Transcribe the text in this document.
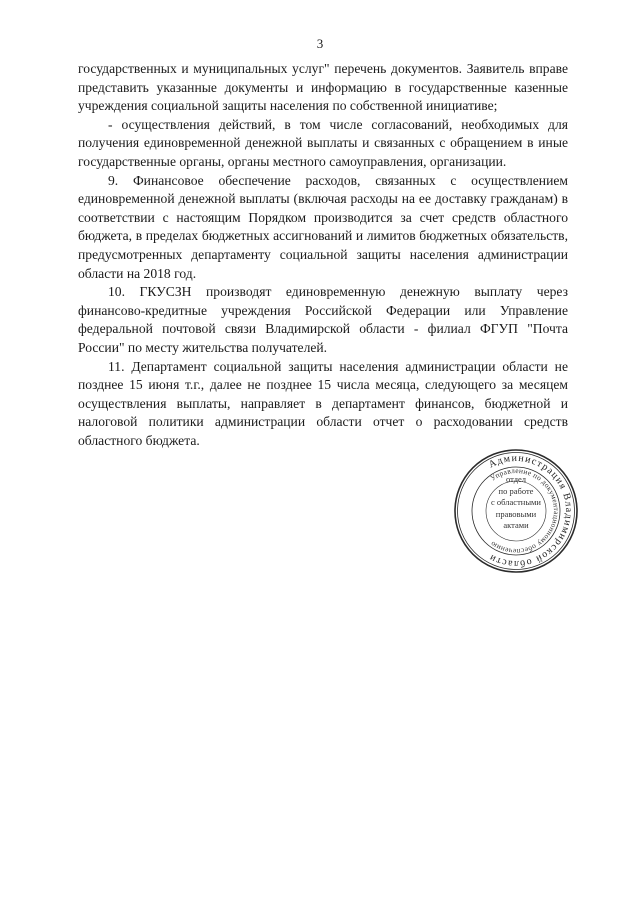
3

государственных и муниципальных услуг" перечень документов. Заявитель вправе представить указанные документы и информацию в государственные казенные учреждения социальной защиты населения по собственной инициативе;

- осуществления действий, в том числе согласований, необходимых для получения единовременной денежной выплаты и связанных с обращением в иные государственные органы, органы местного самоуправления, организации.

9. Финансовое обеспечение расходов, связанных с осуществлением единовременной денежной выплаты (включая расходы на ее доставку гражданам) в соответствии с настоящим Порядком производится за счет средств областного бюджета, в пределах бюджетных ассигнований и лимитов бюджетных обязательств, предусмотренных департаменту социальной защиты населения администрации области на 2018 год.

10. ГКУСЗН производят единовременную денежную выплату через финансово-кредитные учреждения Российской Федерации или Управление федеральной почтовой связи Владимирской области - филиал ФГУП "Почта России" по месту жительства получателей.

11. Департамент социальной защиты населения администрации области не позднее 15 июня т.г., далее не позднее 15 числа месяца, следующего за месяцем осуществления выплаты, направляет в департамент финансов, бюджетной и налоговой политики администрации области отчет о расходовании средств областного бюджета.

Администрация Владимирской области
Управление по документационному обеспечению
отдел
по работе
с областными
правовыми
актами
